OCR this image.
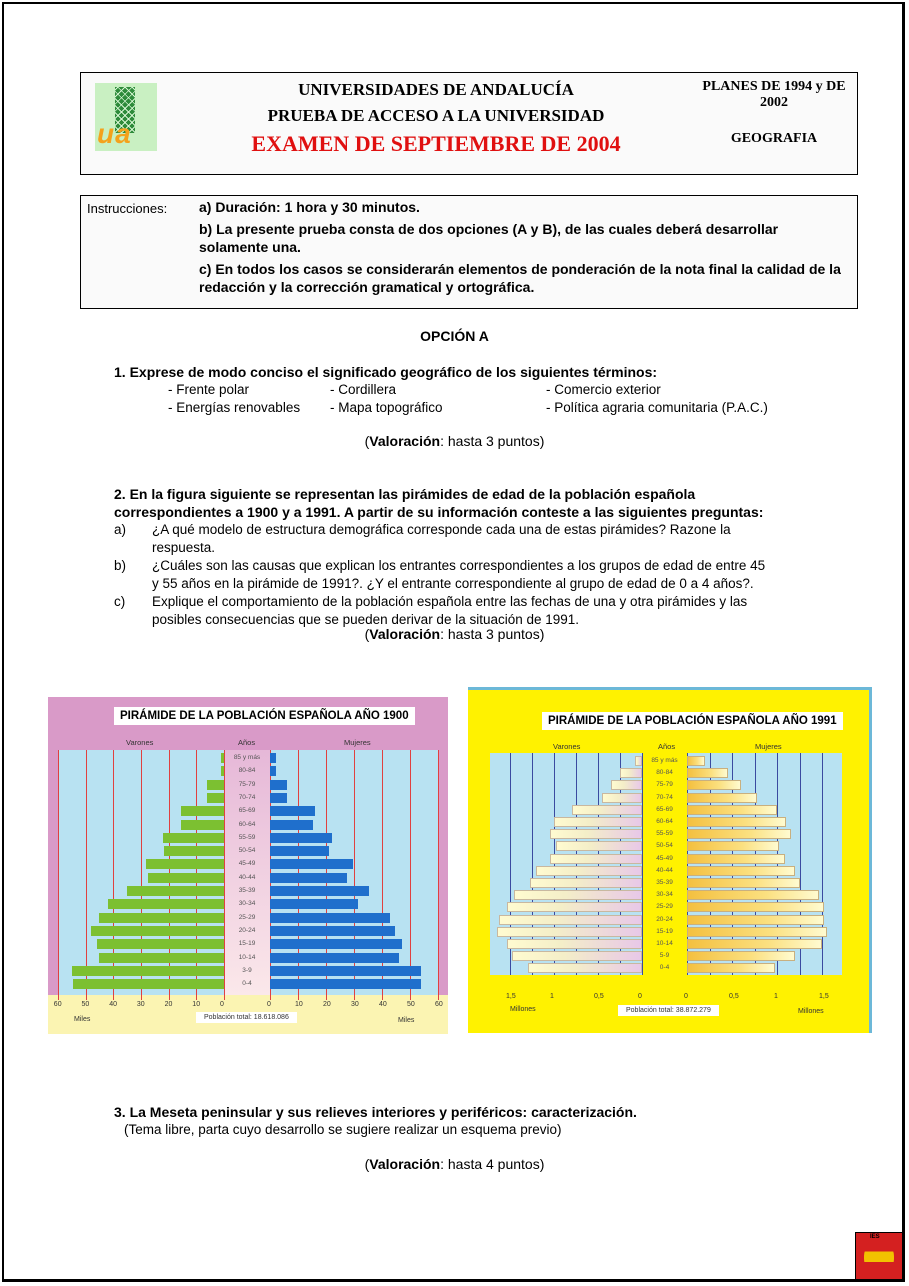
ua
UNIVERSIDADES DE ANDALUCÍA
PRUEBA DE ACCESO A LA UNIVERSIDAD
EXAMEN DE SEPTIEMBRE DE 2004
PLANES DE 1994 y DE 2002
GEOGRAFIA
Instrucciones: a) Duración: 1 hora y 30 minutos.

b) La presente prueba consta de dos opciones (A y B), de las cuales deberá desarrollar solamente una.

c) En todos los casos se considerarán elementos de ponderación de la nota final la calidad de la redacción y la corrección gramatical y ortográfica.

OPCIÓN A
1. Exprese de modo conciso el significado geográfico de los siguientes términos:
- Frente polar	- Cordillera	- Comercio exterior
- Energías renovables - Mapa topográfico	- Política agraria comunitaria (P.A.C.)
(Valoración: hasta 3 puntos)
2. En la figura siguiente se representan las pirámides de edad de la población española correspondientes a 1900 y a 1991. A partir de su información conteste a las siguientes preguntas:
a)	¿A qué modelo de estructura demográfica corresponde cada una de estas pirámides? Razone la respuesta.
b)	¿Cuáles son las causas que explican los entrantes correspondientes a los grupos de edad de entre 45 y 55 años en la pirámide de 1991?. ¿Y el entrante correspondiente al grupo de edad de 0 a 4 años?.
c)	Explique el comportamiento de la población española entre las fechas de una y otra pirámides y las posibles consecuencias que se pueden derivar de la situación de 1991.
(Valoración: hasta 3 puntos)
PIRÁMIDE DE LA POBLACIÓN ESPAÑOLA AÑO 1900
Varones	Años	Mujeres
Miles	Miles
Población total: 18.618.086
0	0
10	10
20	20
30	30
40	40
50	50
60	60
85 y más
80-84
75-79
70-74
65-69
60-64
55-59
50-54
45-49
40-44
35-39
30-34
25-29
20-24
15-19
10-14
3-9
0-4
PIRÁMIDE DE LA POBLACIÓN ESPAÑOLA AÑO 1991
Varones	Años	Mujeres
Millones	Millones
Población total: 38.872.279
0	0
0,5	0,5
1	1
1,5	1,5
85 y más
80-84
75-79
70-74
65-69
60-64
55-59
50-54
45-49
40-44
35-39
30-34
25-29
20-24
15-19
10-14
5-9
0-4
3. La Meseta peninsular y sus relieves interiores y periféricos: caracterización.
(Tema libre, parta cuyo desarrollo se sugiere realizar un esquema previo)
(Valoración: hasta 4 puntos)
IES
